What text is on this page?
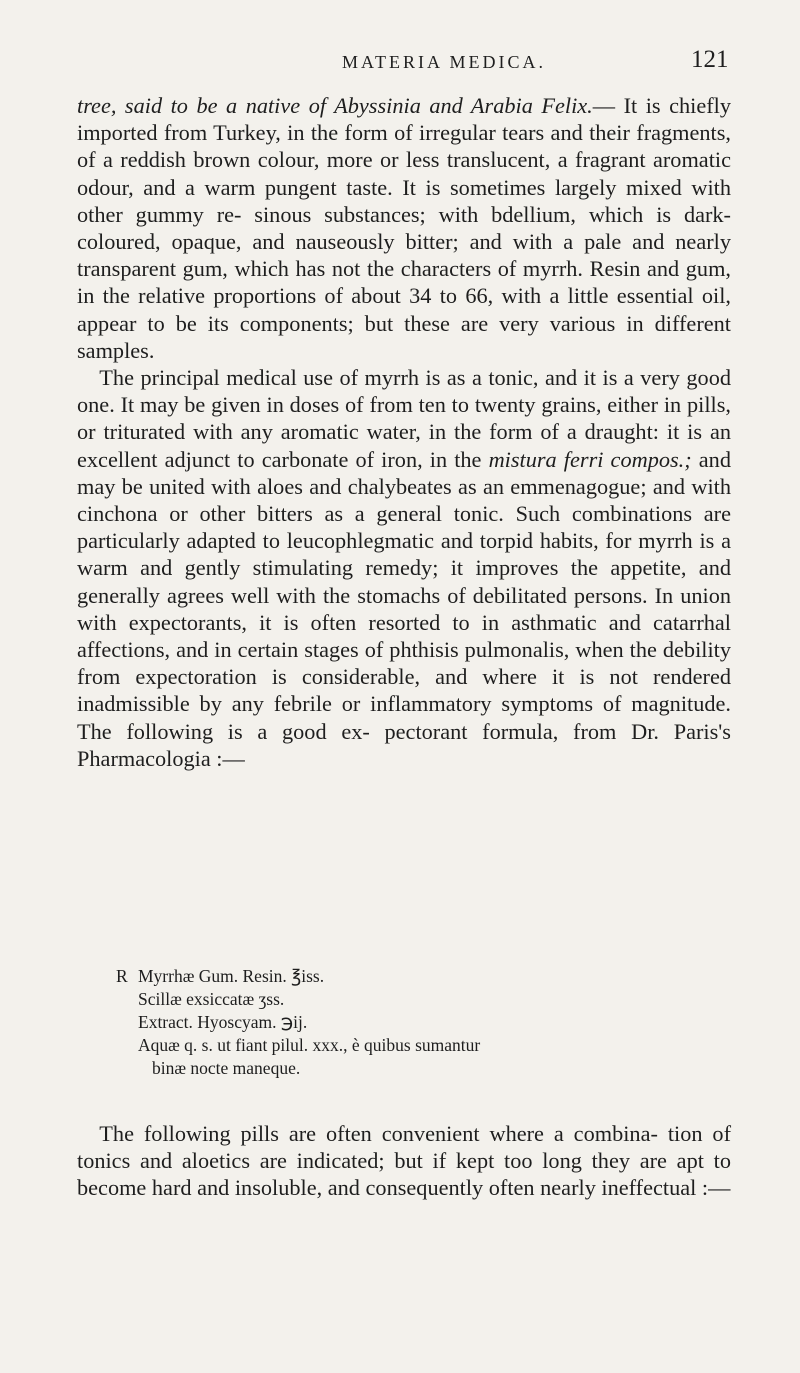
MATERIA MEDICA.	121

tree, said to be a native of Abyssinia and Arabia Felix.— It is chiefly imported from Turkey, in the form of irregular tears and their fragments, of a reddish brown colour, more or less translucent, a fragrant aromatic odour, and a warm pungent taste. It is sometimes largely mixed with other gummy re- sinous substances; with bdellium, which is dark-coloured, opaque, and nauseously bitter; and with a pale and nearly transparent gum, which has not the characters of myrrh. Resin and gum, in the relative proportions of about 34 to 66, with a little essential oil, appear to be its components; but these are very various in different samples.

 The principal medical use of myrrh is as a tonic, and it is a very good one. It may be given in doses of from ten to twenty grains, either in pills, or triturated with any aromatic water, in the form of a draught: it is an excellent adjunct to carbonate of iron, in the mistura ferri compos.; and may be united with aloes and chalybeates as an emmenagogue; and with cinchona or other bitters as a general tonic. Such combinations are particularly adapted to leucophlegmatic and torpid habits, for myrrh is a warm and gently stimulating remedy; it improves the appetite, and generally agrees well with the stomachs of debilitated persons. In union with expectorants, it is often resorted to in asthmatic and catarrhal affections, and in certain stages of phthisis pulmonalis, when the debility from expectoration is considerable, and where it is not rendered inadmissible by any febrile or inflammatory symptoms of magnitude. The following is a good ex- pectorant formula, from Dr. Paris's Pharmacologia :—

R Myrrhæ Gum. Resin. ℥iss.
Scillæ exsiccatæ ʒss.
Extract. Hyoscyam. ℈ij.
Aquæ q. s. ut fiant pilul. xxx., è quibus sumantur
binæ nocte maneque.

 The following pills are often convenient where a combina- tion of tonics and aloetics are indicated; but if kept too long they are apt to become hard and insoluble, and consequently often nearly ineffectual :—
